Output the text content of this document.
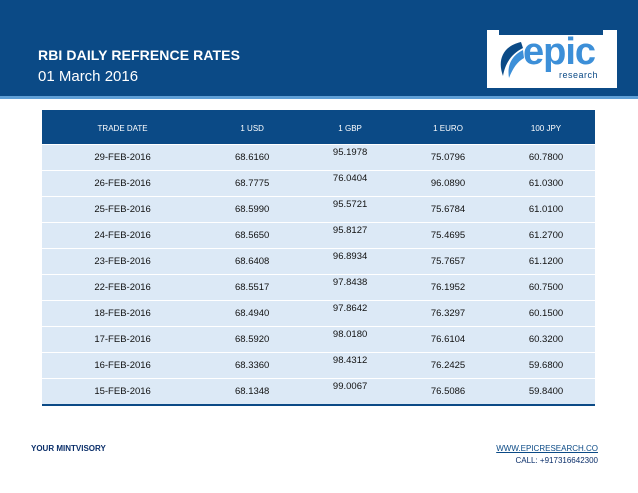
RBI DAILY REFRENCE RATES
01 March 2016
epic
research
TRADE DATE	1 USD	1 GBP	1 EURO	100 JPY
29-FEB-2016	68.6160	95.1978	75.0796	60.7800
26-FEB-2016	68.7775	76.0404	96.0890	61.0300
25-FEB-2016	68.5990	95.5721	75.6784	61.0100
24-FEB-2016	68.5650	95.8127	75.4695	61.2700
23-FEB-2016	68.6408	96.8934	75.7657	61.1200
22-FEB-2016	68.5517	97.8438	76.1952	60.7500
18-FEB-2016	68.4940	97.8642	76.3297	60.1500
17-FEB-2016	68.5920	98.0180	76.6104	60.3200
16-FEB-2016	68.3360	98.4312	76.2425	59.6800
15-FEB-2016	68.1348	99.0067	76.5086	59.8400
YOUR MINTVISORY	WWW.EPICRESEARCH.CO
CALL: +917316642300
